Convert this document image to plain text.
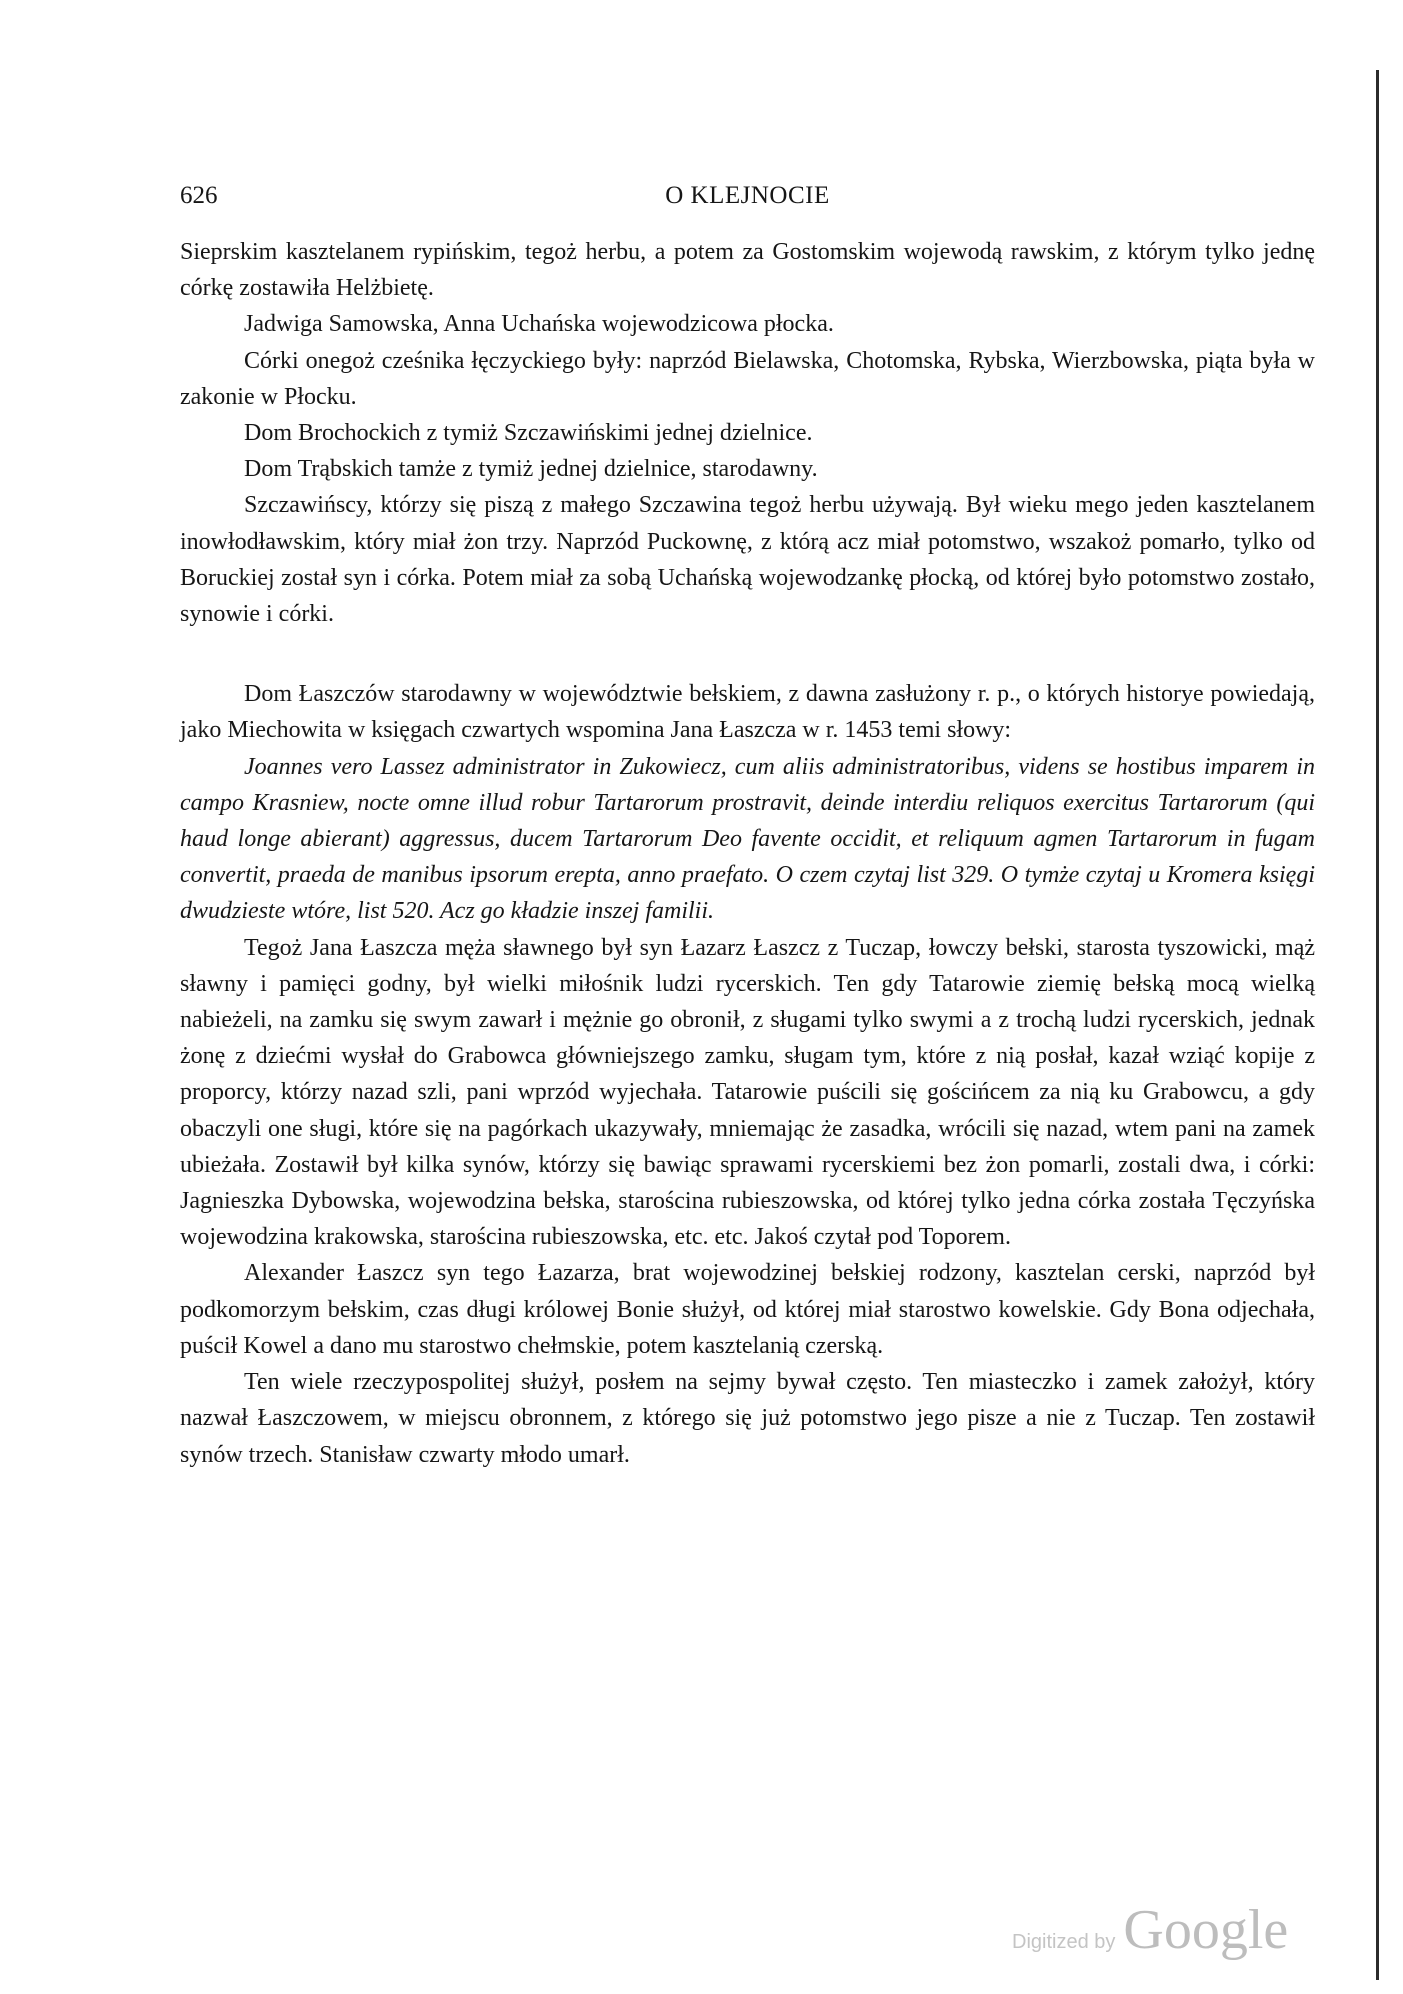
626	O KLEJNOCIE

Sieprskim kasztelanem rypińskim, tegoż herbu, a potem za Gostomskim wojewodą rawskim, z którym tylko jednę córkę zostawiła Helżbietę.

Jadwiga Samowska, Anna Uchańska wojewodzicowa płocka.

Córki onegoż cześnika łęczyckiego były: naprzód Bielawska, Chotomska, Rybska, Wierzbowska, piąta była w zakonie w Płocku.

Dom Brochockich z tymiż Szczawińskimi jednej dzielnice.

Dom Trąbskich tamże z tymiż jednej dzielnice, starodawny.

Szczawińscy, którzy się piszą z małego Szczawina tegoż herbu używają. Był wieku mego jeden kasztelanem inowłodławskim, który miał żon trzy. Naprzód Puckownę, z którą acz miał potomstwo, wszakoż pomarło, tylko od Boruckiej został syn i córka. Potem miał za sobą Uchańską wojewodzankę płocką, od której było potomstwo zostało, synowie i córki.

Dom Łaszczów starodawny w województwie bełskiem, z dawna zasłużony r. p., o których historye powiedają, jako Miechowita w księgach czwartych wspomina Jana Łaszcza w r. 1453 temi słowy:

Joannes vero Lassez administrator in Zukowiecz, cum aliis administratoribus, videns se hostibus imparem in campo Krasniew, nocte omne illud robur Tartarorum prostravit, deinde interdiu reliquos exercitus Tartarorum (qui haud longe abierant) aggressus, ducem Tartarorum Deo favente occidit, et reliquum agmen Tartarorum in fugam convertit, praeda de manibus ipsorum erepta, anno praefato. O czem czytaj list 329. O tymże czytaj u Kromera księgi dwudzieste wtóre, list 520. Acz go kładzie inszej familii.

Tegoż Jana Łaszcza męża sławnego był syn Łazarz Łaszcz z Tuczap, łowczy bełski, starosta tyszowicki, mąż sławny i pamięci godny, był wielki miłośnik ludzi rycerskich. Ten gdy Tatarowie ziemię bełską mocą wielką nabieżeli, na zamku się swym zawarł i mężnie go obronił, z sługami tylko swymi a z trochą ludzi rycerskich, jednak żonę z dziećmi wysłał do Grabowca główniejszego zamku, sługam tym, które z nią posłał, kazał wziąć kopije z proporcy, którzy nazad szli, pani wprzód wyjechała. Tatarowie puścili się gościńcem za nią ku Grabowcu, a gdy obaczyli one sługi, które się na pagórkach ukazywały, mniemając że zasadka, wrócili się nazad, wtem pani na zamek ubieżała. Zostawił był kilka synów, którzy się bawiąc sprawami rycerskiemi bez żon pomarli, zostali dwa, i córki: Jagnieszka Dybowska, wojewodzina bełska, starościna rubieszowska, od której tylko jedna córka została Tęczyńska wojewodzina krakowska, starościna rubieszowska, etc. etc. Jakoś czytał pod Toporem.

Alexander Łaszcz syn tego Łazarza, brat wojewodzinej bełskiej rodzony, kasztelan cerski, naprzód był podkomorzym bełskim, czas długi królowej Bonie służył, od której miał starostwo kowelskie. Gdy Bona odjechała, puścił Kowel a dano mu starostwo chełmskie, potem kasztelanią czerską.

Ten wiele rzeczypospolitej służył, posłem na sejmy bywał często. Ten miasteczko i zamek założył, który nazwał Łaszczowem, w miejscu obronnem, z którego się już potomstwo jego pisze a nie z Tuczap. Ten zostawił synów trzech. Stanisław czwarty młodo umarł.

Digitized by Google
